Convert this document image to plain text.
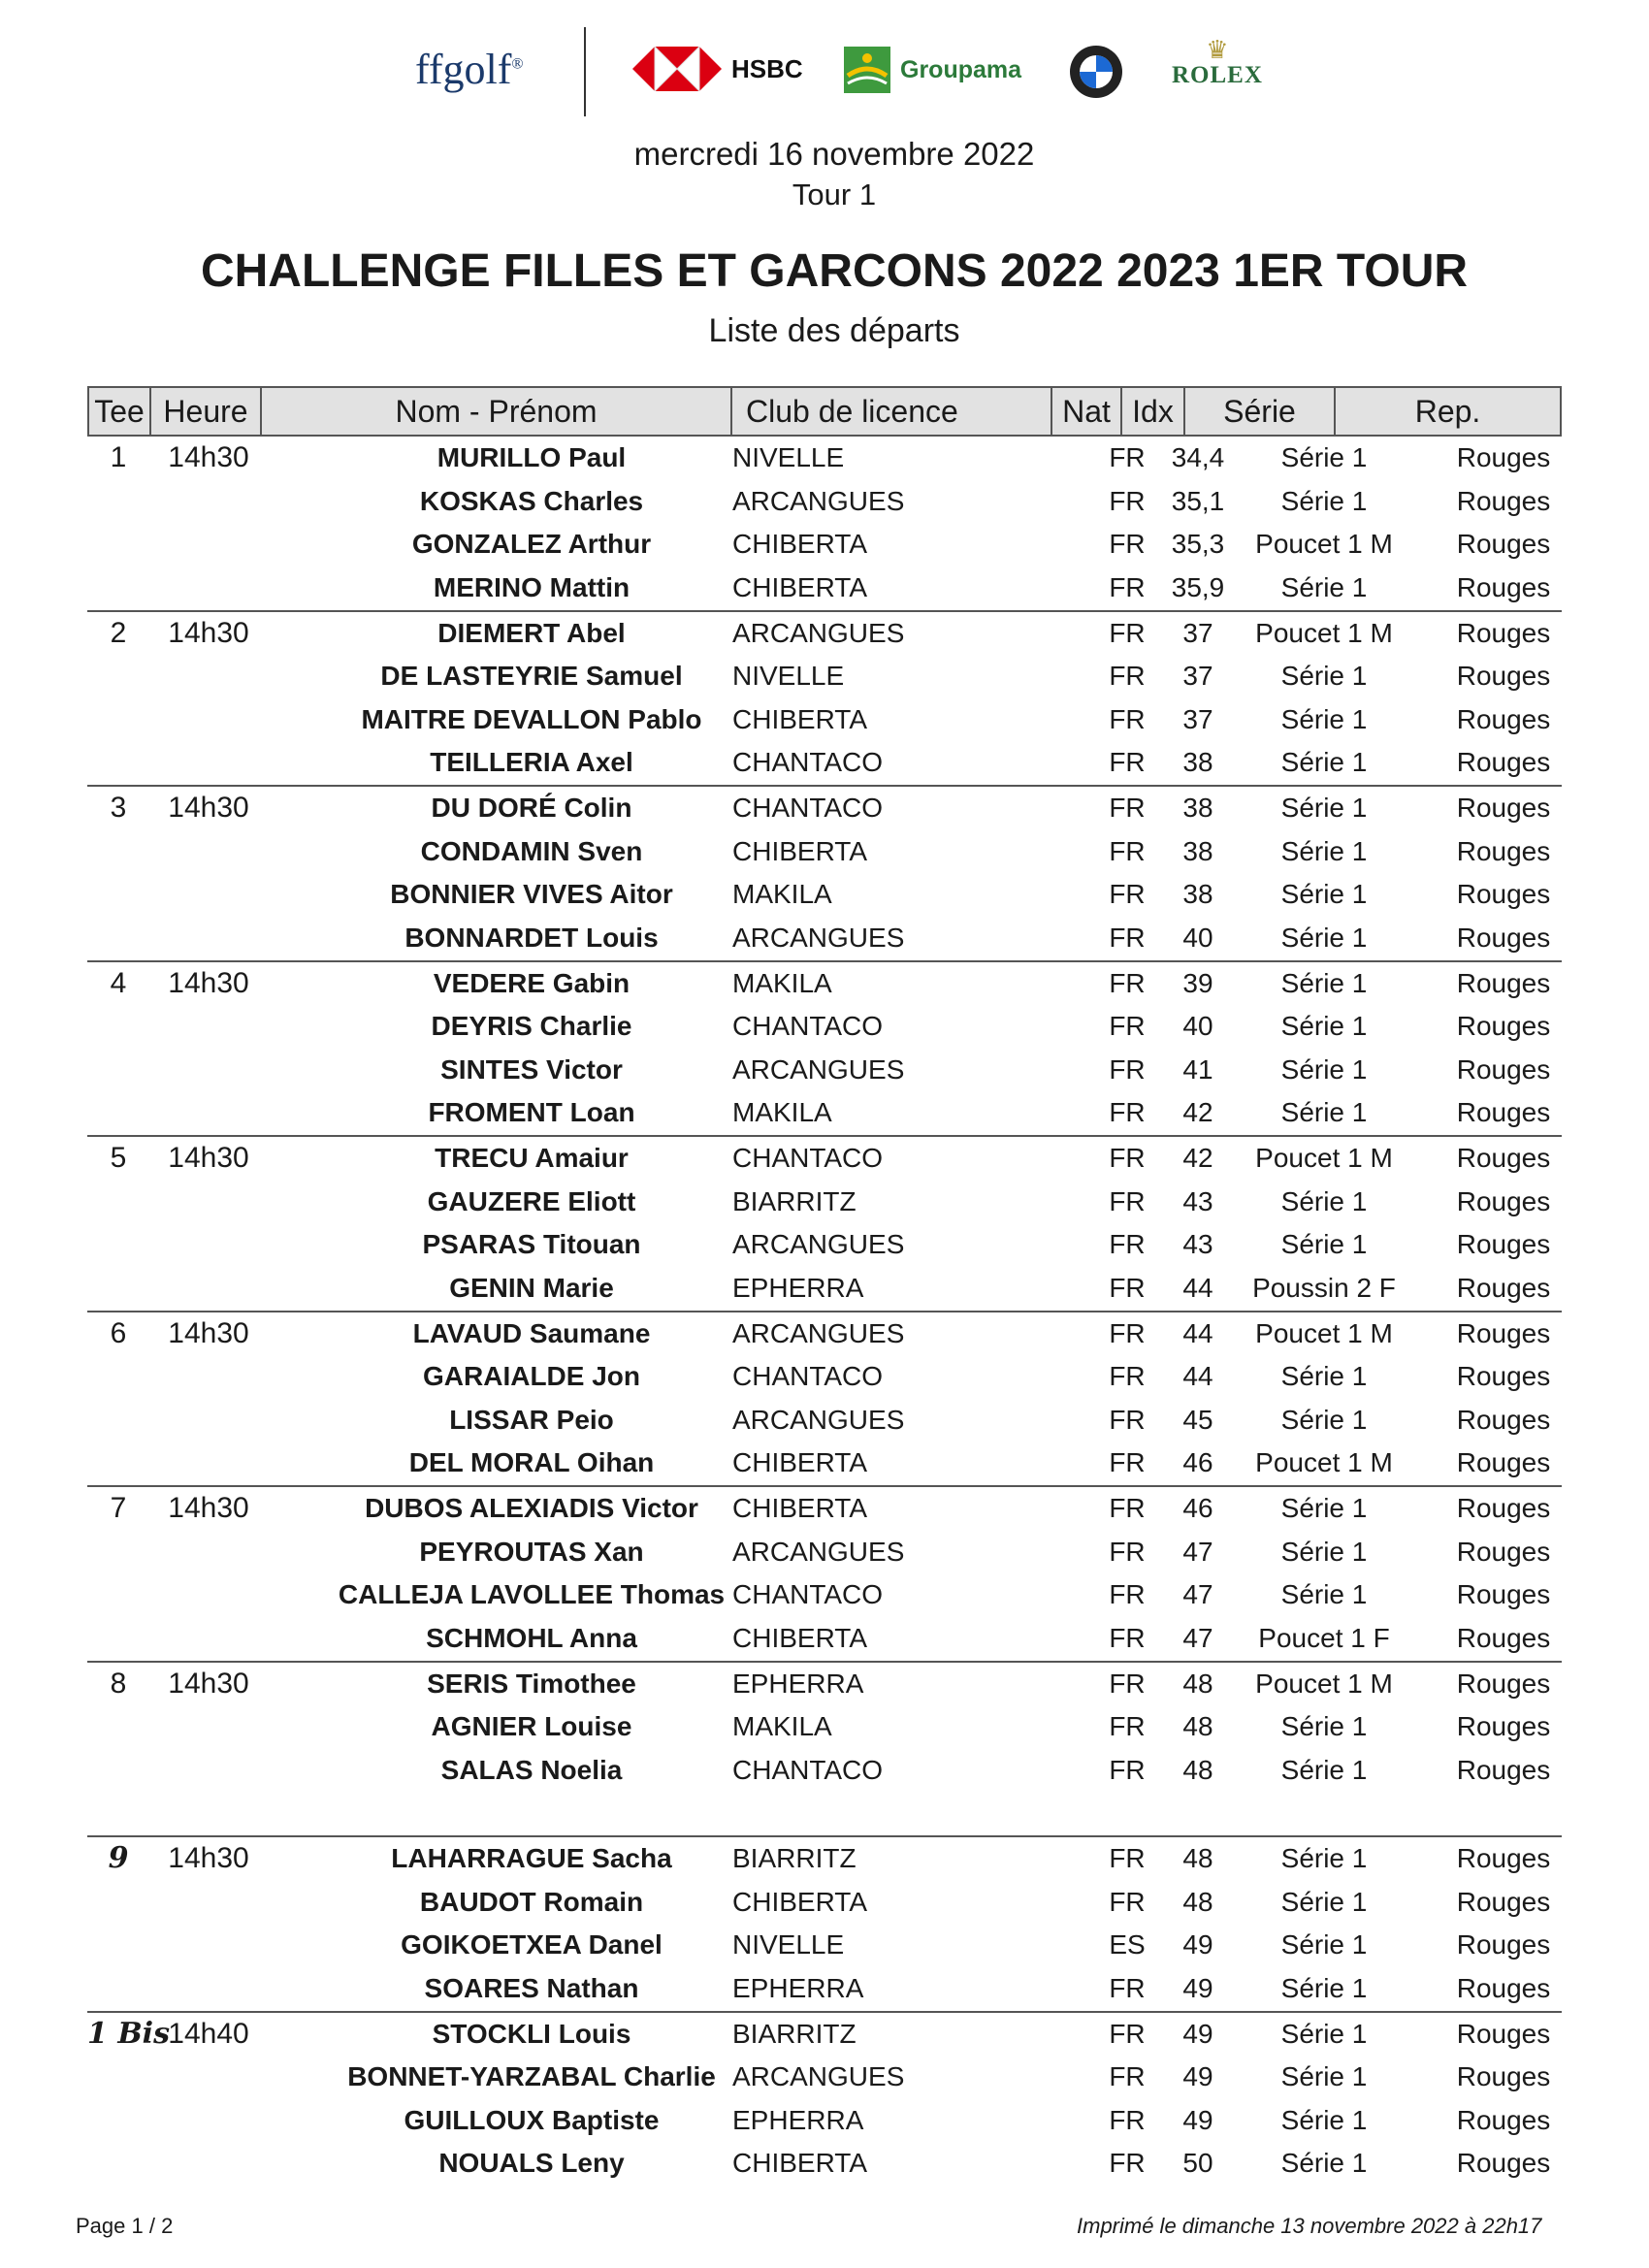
ffgolf®	HSBC	Groupama
♛
ROLEX
mercredi 16 novembre 2022
Tour 1
CHALLENGE FILLES ET GARCONS 2022 2023 1ER TOUR
Liste des départs
Tee Heure	Nom - Prénom	Club de licence	Nat Idx	Série	Rep.
1	14h30	MURILLO Paul	NIVELLE	FR 34,4	Série 1	Rouges
KOSKAS Charles	ARCANGUES	FR 35,1	Série 1	Rouges
GONZALEZ Arthur	CHIBERTA	FR 35,3	Poucet 1 M	Rouges
MERINO Mattin	CHIBERTA	FR 35,9	Série 1	Rouges
2	14h30	DIEMERT Abel	ARCANGUES	FR	37	Poucet 1 M	Rouges
DE LASTEYRIE Samuel	NIVELLE	FR	37	Série 1	Rouges
MAITRE DEVALLON Pablo	CHIBERTA	FR	37	Série 1	Rouges
TEILLERIA Axel	CHANTACO	FR	38	Série 1	Rouges
3	14h30	DU DORÉ Colin	CHANTACO	FR	38	Série 1	Rouges
CONDAMIN Sven	CHIBERTA	FR	38	Série 1	Rouges
BONNIER VIVES Aitor	MAKILA	FR	38	Série 1	Rouges
BONNARDET Louis	ARCANGUES	FR	40	Série 1	Rouges
4	14h30	VEDERE Gabin	MAKILA	FR	39	Série 1	Rouges
DEYRIS Charlie	CHANTACO	FR	40	Série 1	Rouges
SINTES Victor	ARCANGUES	FR	41	Série 1	Rouges
FROMENT Loan	MAKILA	FR	42	Série 1	Rouges
5	14h30	TRECU Amaiur	CHANTACO	FR	42	Poucet 1 M	Rouges
GAUZERE Eliott	BIARRITZ	FR	43	Série 1	Rouges
PSARAS Titouan	ARCANGUES	FR	43	Série 1	Rouges
GENIN Marie	EPHERRA	FR	44	Poussin 2 F	Rouges
6	14h30	LAVAUD Saumane	ARCANGUES	FR	44	Poucet 1 M	Rouges
GARAIALDE Jon	CHANTACO	FR	44	Série 1	Rouges
LISSAR Peio	ARCANGUES	FR	45	Série 1	Rouges
DEL MORAL Oihan	CHIBERTA	FR	46	Poucet 1 M	Rouges
7	14h30	DUBOS ALEXIADIS Victor	CHIBERTA	FR	46	Série 1	Rouges
PEYROUTAS Xan	ARCANGUES	FR	47	Série 1	Rouges
CALLEJA LAVOLLEE Thomas CHANTACO	FR	47	Série 1	Rouges
SCHMOHL Anna	CHIBERTA	FR	47	Poucet 1 F	Rouges
8	14h30	SERIS Timothee	EPHERRA	FR	48	Poucet 1 M	Rouges
AGNIER Louise	MAKILA	FR	48	Série 1	Rouges
SALAS Noelia	CHANTACO	FR	48	Série 1	Rouges
9	14h30	LAHARRAGUE Sacha	BIARRITZ	FR	48	Série 1	Rouges
BAUDOT Romain	CHIBERTA	FR	48	Série 1	Rouges
GOIKOETXEA Danel	NIVELLE	ES	49	Série 1	Rouges
SOARES Nathan	EPHERRA	FR	49	Série 1	Rouges
1 Bis
14h40	STOCKLI Louis	BIARRITZ	FR	49	Série 1	Rouges
BONNET-YARZABAL Charlie ARCANGUES	FR	49	Série 1	Rouges
GUILLOUX Baptiste	EPHERRA	FR	49	Série 1	Rouges
NOUALS Leny	CHIBERTA	FR	50	Série 1	Rouges
Page 1 / 2	Imprimé le dimanche 13 novembre 2022 à 22h17
